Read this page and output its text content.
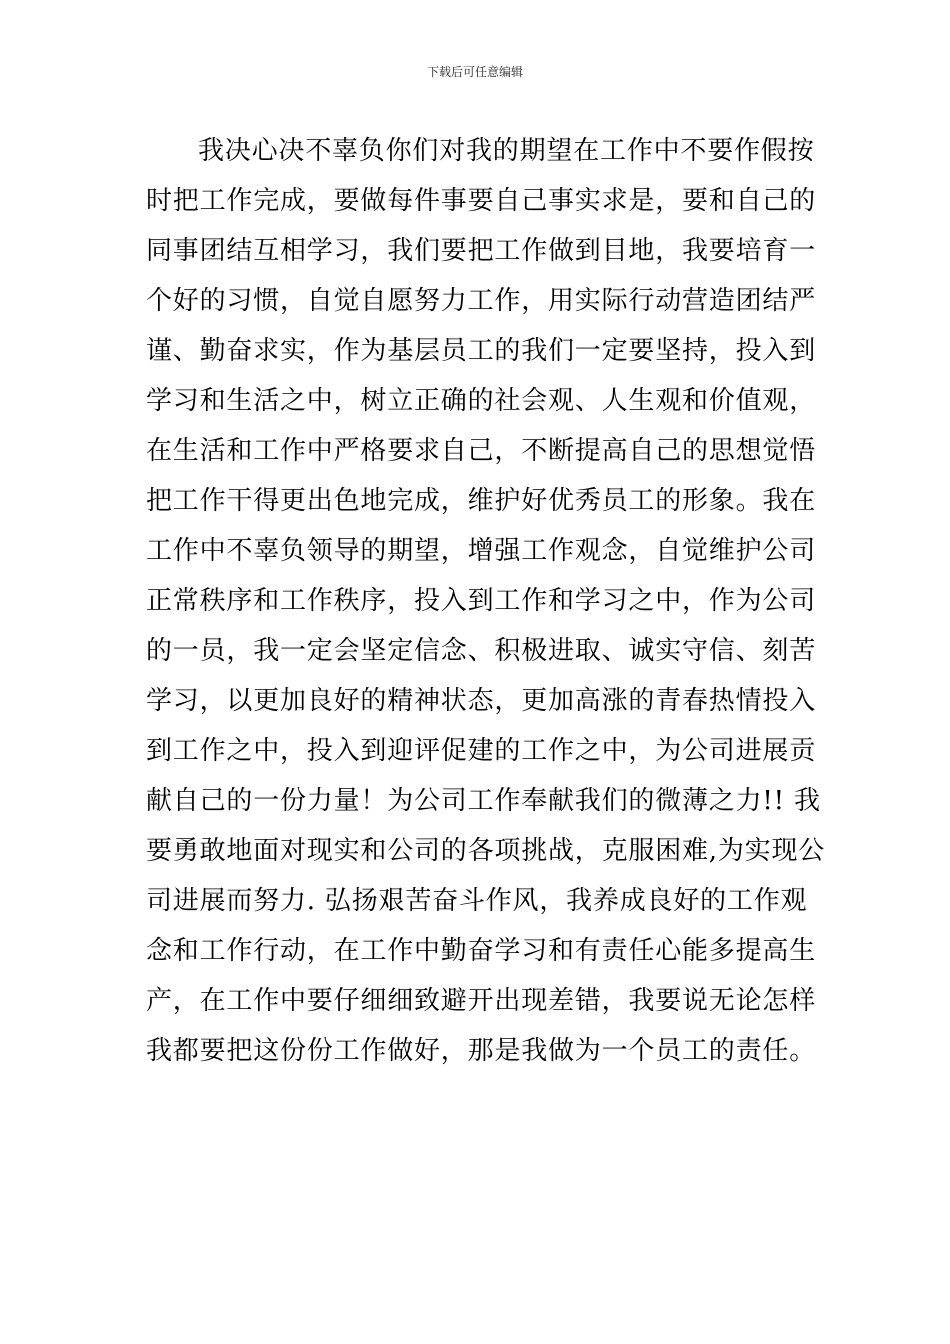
下载后可任意编辑
我决心决不辜负你们对我的期望在工作中不要作假按
时把工作完成，要做每件事要自己事实求是，要和自己的
同事团结互相学习，我们要把工作做到目地，我要培育一
个好的习惯，自觉自愿努力工作，用实际行动营造团结严
谨、勤奋求实，作为基层员工的我们一定要坚持，投入到
学习和生活之中，树立正确的社会观、人生观和价值观，
在生活和工作中严格要求自己，不断提高自己的思想觉悟
把工作干得更出色地完成，维护好优秀员工的形象。我在
工作中不辜负领导的期望，增强工作观念，自觉维护公司
正常秩序和工作秩序，投入到工作和学习之中，作为公司
的一员，我一定会坚定信念、积极进取、诚实守信、刻苦
学习，以更加良好的精神状态，更加高涨的青春热情投入
到工作之中，投入到迎评促建的工作之中，为公司进展贡
献自己的一份力量！为公司工作奉献我们的微薄之力!! 我
要勇敢地面对现实和公司的各项挑战，克服困难,为实现公
司进展而努力. 弘扬艰苦奋斗作风，我养成良好的工作观
念和工作行动，在工作中勤奋学习和有责任心能多提高生
产，在工作中要仔细细致避开出现差错，我要说无论怎样
我都要把这份份工作做好，那是我做为一个员工的责任。
